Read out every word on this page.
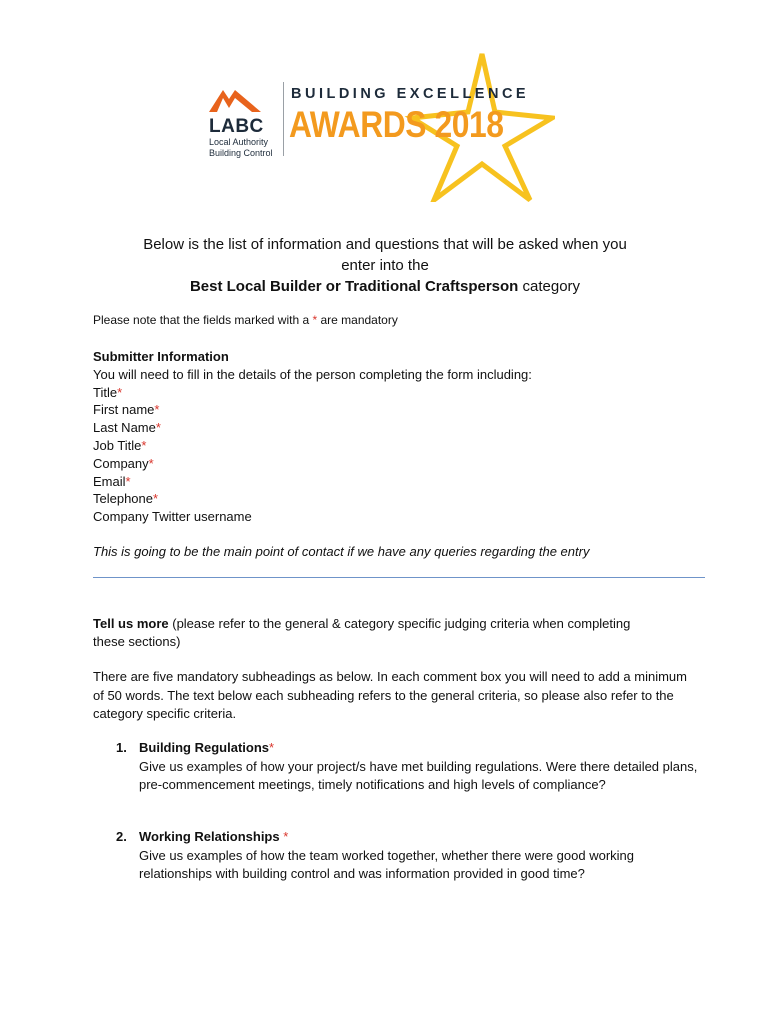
LABC
Local Authority
Building Control
BUILDING EXCELLENCE
AWARDS 2018
Below is the list of information and questions that will be asked when you
enter into the
Best Local Builder or Traditional Craftsperson category
Please note that the fields marked with a * are mandatory
Submitter Information
You will need to fill in the details of the person completing the form including:
Title*
First name*
Last Name*
Job Title*
Company*
Email*
Telephone*
Company Twitter username
This is going to be the main point of contact if we have any queries regarding the entry
Tell us more (please refer to the general & category specific judging criteria when completing these sections)
There are five mandatory subheadings as below. In each comment box you will need to add a minimum of 50 words. The text below each subheading refers to the general criteria, so please also refer to the category specific criteria.
1. Building Regulations*
Give us examples of how your project/s have met building regulations. Were there detailed plans, pre-commencement meetings, timely notifications and high levels of compliance?
2. Working Relationships *
Give us examples of how the team worked together, whether there were good working relationships with building control and was information provided in good time?
